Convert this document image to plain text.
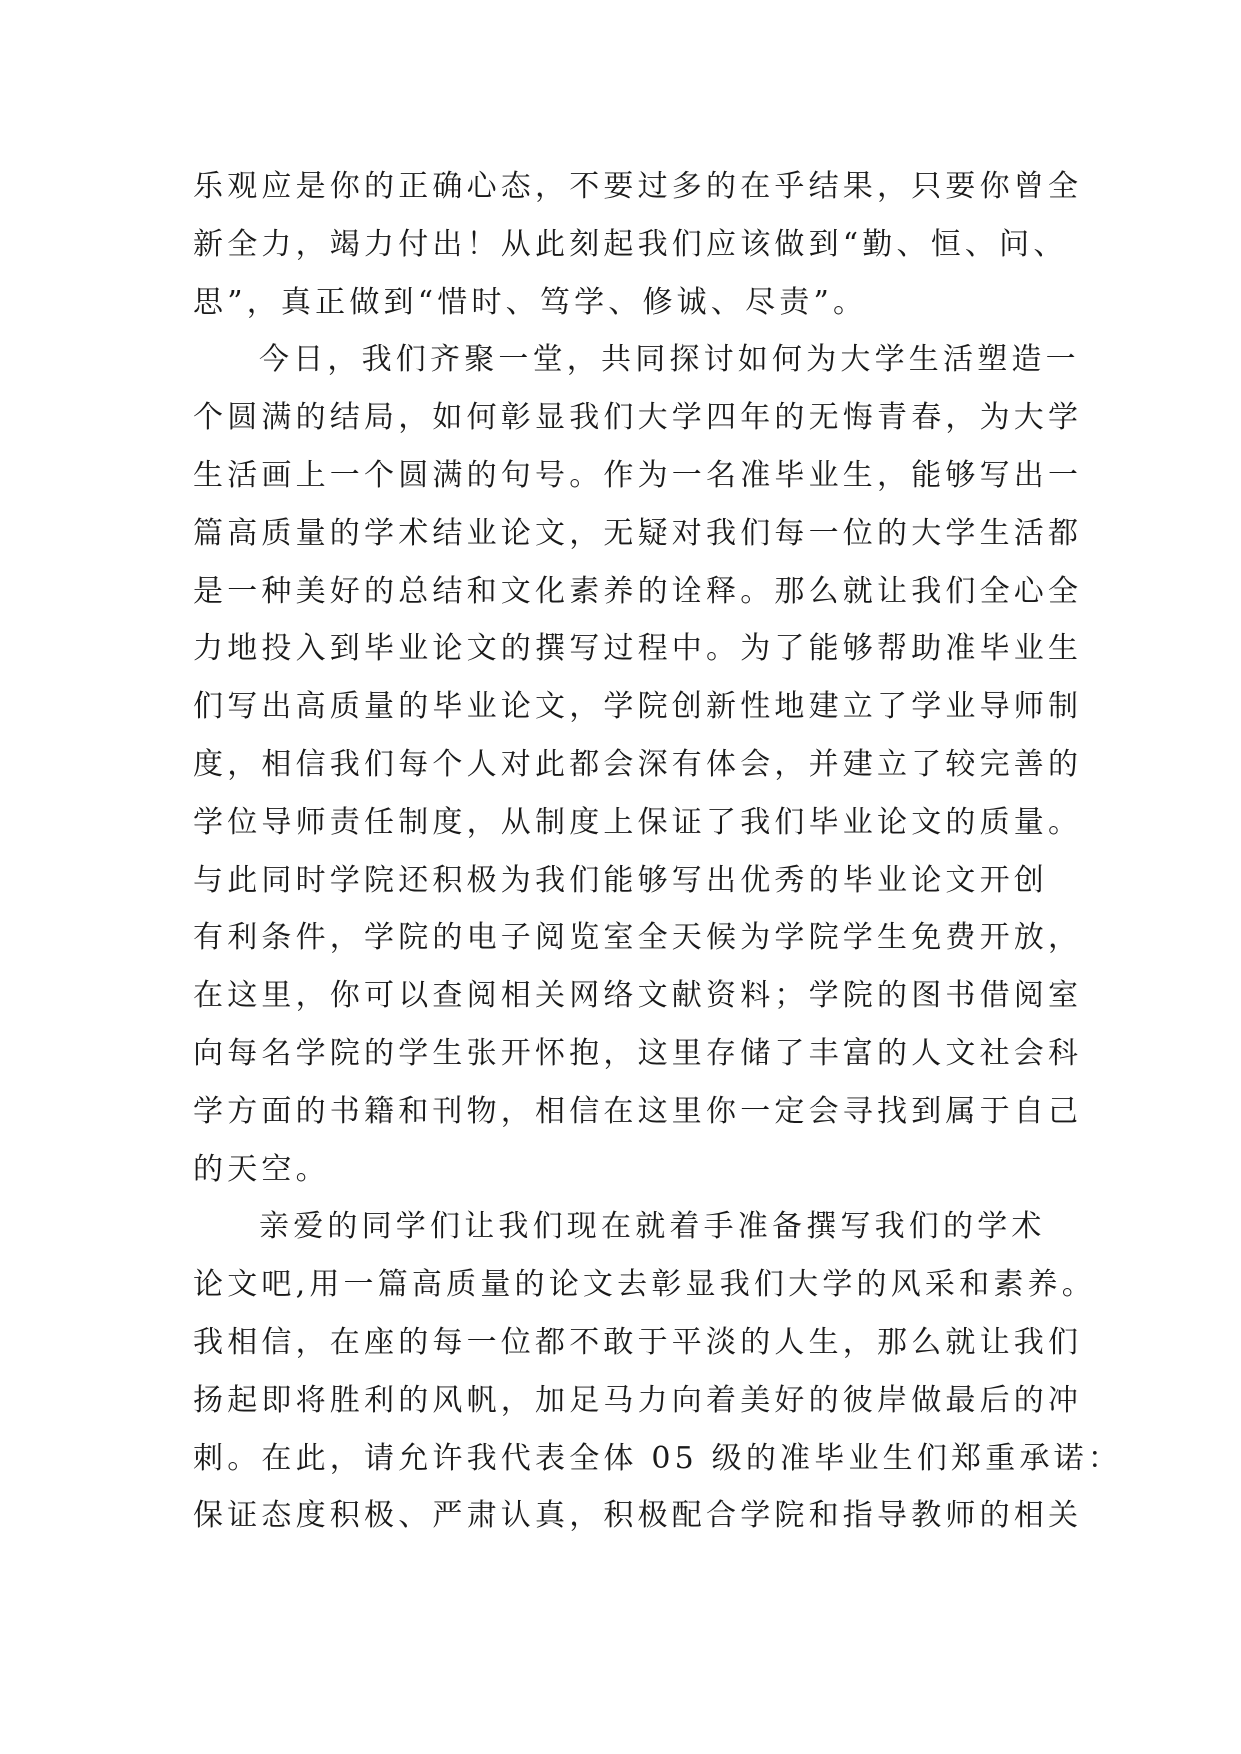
乐观应是你的正确心态，不要过多的在乎结果，只要你曾全
新全力，竭力付出！从此刻起我们应该做到“勤、恒、问、
思”，真正做到“惜时、笃学、修诚、尽责”。
今日，我们齐聚一堂，共同探讨如何为大学生活塑造一
个圆满的结局，如何彰显我们大学四年的无悔青春，为大学
生活画上一个圆满的句号。作为一名准毕业生，能够写出一
篇高质量的学术结业论文，无疑对我们每一位的大学生活都
是一种美好的总结和文化素养的诠释。那么就让我们全心全
力地投入到毕业论文的撰写过程中。为了能够帮助准毕业生
们写出高质量的毕业论文，学院创新性地建立了学业导师制
度，相信我们每个人对此都会深有体会，并建立了较完善的
学位导师责任制度，从制度上保证了我们毕业论文的质量。
与此同时学院还积极为我们能够写出优秀的毕业论文开创
有利条件，学院的电子阅览室全天候为学院学生免费开放，
在这里，你可以查阅相关网络文献资料；学院的图书借阅室
向每名学院的学生张开怀抱，这里存储了丰富的人文社会科
学方面的书籍和刊物，相信在这里你一定会寻找到属于自己
的天空。
亲爱的同学们让我们现在就着手准备撰写我们的学术
论文吧,用一篇高质量的论文去彰显我们大学的风采和素养。
我相信，在座的每一位都不敢于平淡的人生，那么就让我们
扬起即将胜利的风帆，加足马力向着美好的彼岸做最后的冲
刺。在此，请允许我代表全体 05 级的准毕业生们郑重承诺：
保证态度积极、严肃认真，积极配合学院和指导教师的相关
